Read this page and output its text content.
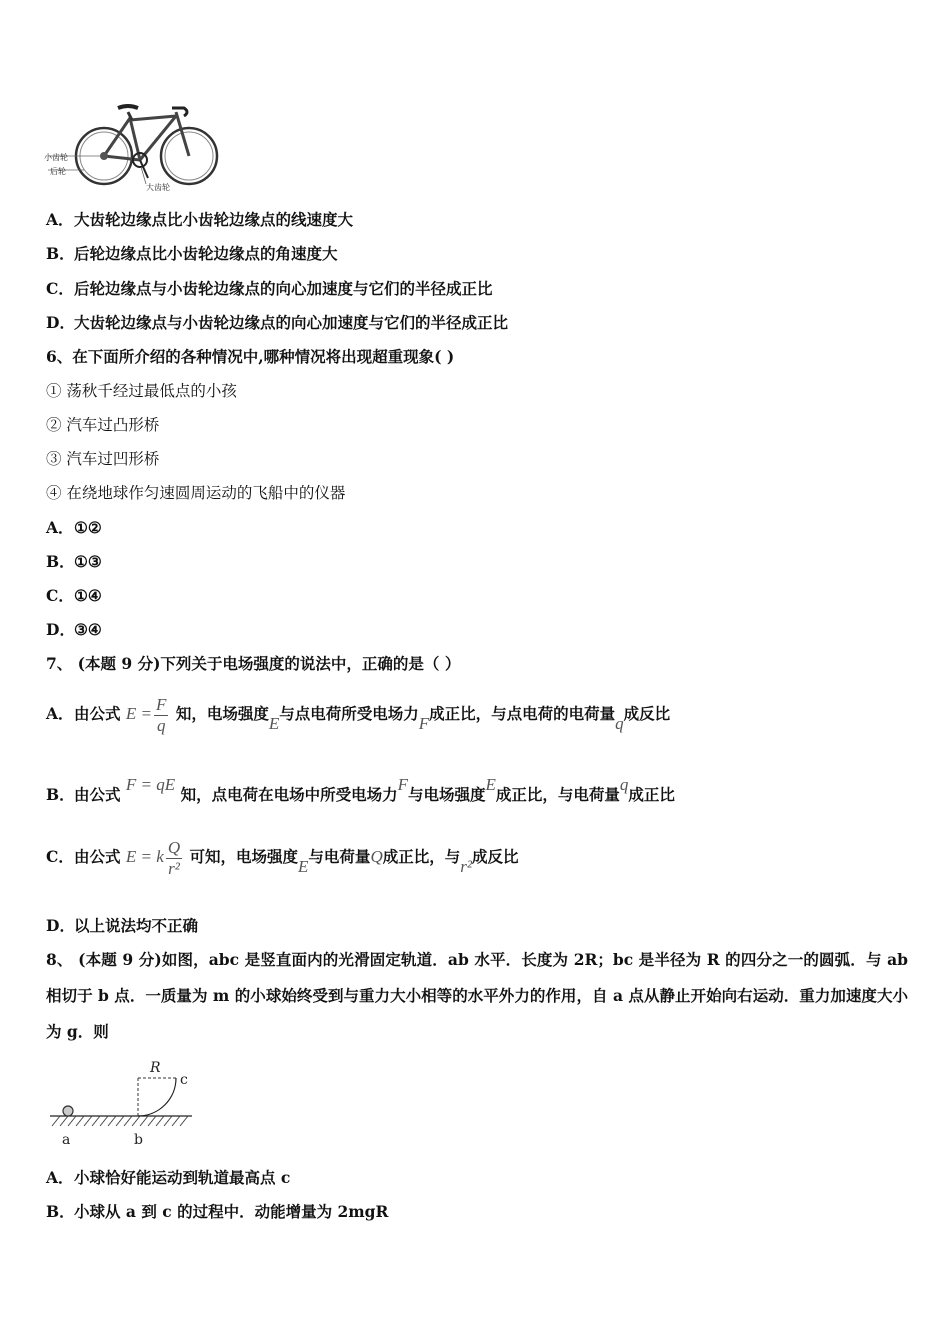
小齿轮
后轮
大齿轮
A．大齿轮边缘点比小齿轮边缘点的线速度大
B．后轮边缘点比小齿轮边缘点的角速度大
C．后轮边缘点与小齿轮边缘点的向心加速度与它们的半径成正比
D．大齿轮边缘点与小齿轮边缘点的向心加速度与它们的半径成正比
6、在下面所介绍的各种情况中,哪种情况将出现超重现象( )
① 荡秋千经过最低点的小孩
② 汽车过凸形桥
③ 汽车过凹形桥
④ 在绕地球作匀速圆周运动的飞船中的仪器
A．①②
B．①③
C．①④
D．③④
7、 (本题 9 分)下列关于电场强度的说法中，正确的是（ ）
A．由公式 $E = \frac{F}{q}$ 知，电场强度E与点电荷所受电场力F成正比，与点电荷的电荷量q成反比
B．由公式 F = qE 知，点电荷在电场中所受电场力F与电场强度E成正比，与电荷量q成正比
C．由公式 E = k $\frac{Q}{\text{r²}}$ 可知，电场强度E与电荷量Q成正比，与r²成反比
D．以上说法均不正确
8、 (本题 9 分)如图，abc 是竖直面内的光滑固定轨道．ab 水平．长度为 2R；bc 是半径为 R 的四分之一的圆弧．与 ab 相切于 b 点．一质量为 m 的小球始终受到与重力大小相等的水平外力的作用，自 a 点从静止开始向右运动．重力加速度大小为 g．则
R
c
a	b
A．小球恰好能运动到轨道最高点 c
B．小球从 a 到 c 的过程中．动能增量为 2mgR
